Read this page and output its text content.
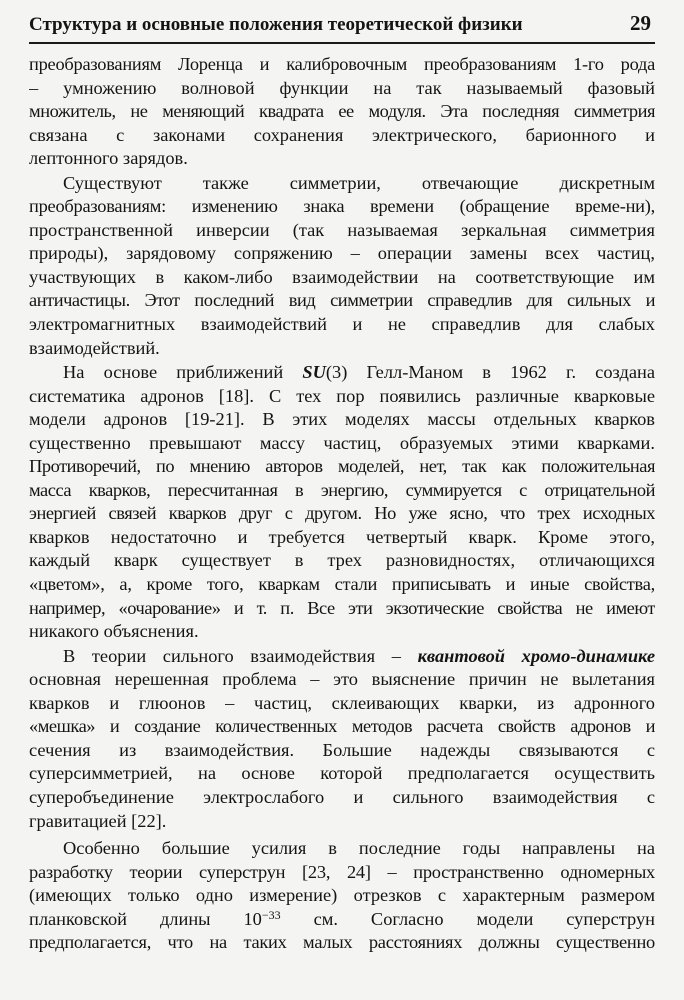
Структура и основные положения теоретической физики	29
преобразованиям Лоренца и калибровочным преобразованиям 1-го рода
– умножению волновой функции на так называемый фазовый
множитель, не меняющий квадрата ее модуля. Эта последняя симметрия
связана с законами сохранения электрического, барионного и
лептонного зарядов.
Существуют также симметрии, отвечающие дискретным
преобразованиям: изменению знака времени (обращение време-ни),
пространственной инверсии (так называемая зеркальная симметрия
природы), зарядовому сопряжению – операции замены всех частиц,
участвующих в каком-либо взаимодействии на соответствующие им
античастицы. Этот последний вид симметрии справедлив для сильных и
электромагнитных взаимодействий и не справедлив для слабых
взаимодействий.
На основе приближений SU(3) Гелл-Маном в 1962 г. создана
систематика адронов [18]. С тех пор появились различные кварковые
модели адронов [19-21]. В этих моделях массы отдельных кварков
существенно превышают массу частиц, образуемых этими кварками.
Противоречий, по мнению авторов моделей, нет, так как положительная
масса кварков, пересчитанная в энергию, суммируется с отрицательной
энергией связей кварков друг с другом. Но уже ясно, что трех исходных
кварков недостаточно и требуется четвертый кварк. Кроме этого,
каждый кварк существует в трех разновидностях, отличающихся
«цветом», а, кроме того, кваркам стали приписывать и иные свойства,
например, «очарование» и т. п. Все эти экзотические свойства не имеют
никакого объяснения.
В теории сильного взаимодействия – квантовой хромо-динамике
основная нерешенная проблема – это выяснение причин не вылетания
кварков и глюонов – частиц, склеивающих кварки, из адронного
«мешка» и создание количественных методов расчета свойств адронов и
сечения из взаимодействия. Большие надежды связываются с
суперсимметрией, на основе которой предполагается осуществить
суперобъединение электрослабого и сильного взаимодействия с
гравитацией [22].
Особенно большие усилия в последние годы направлены на
разработку теории суперструн [23, 24] – пространственно одномерных
(имеющих только одно измерение) отрезков с характерным размером
планковской длины $10^{-33}$ см. Согласно модели суперструн
предполагается, что на таких малых расстояниях должны существенно
